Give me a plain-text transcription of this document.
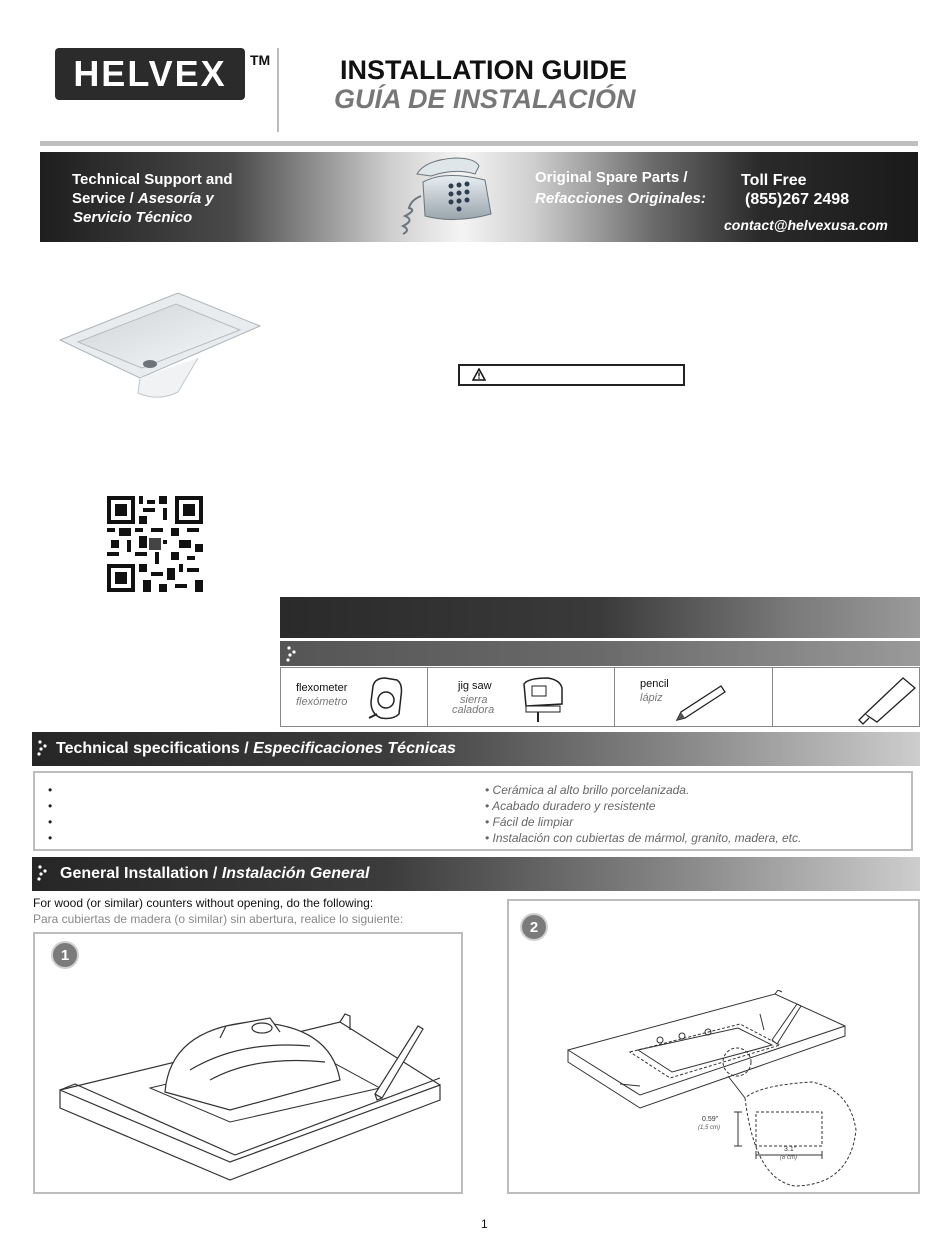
HELVEX TM	INSTALLATION GUIDE
GUÍA DE INSTALACIÓN
Technical Support and
Service / Asesoría y
Servicio Técnico
Original Spare Parts /
Refacciones Originales:
Toll Free
(855)267 2498
contact@helvexusa.com
flexometer
flexómetro
jig saw
sierra
caladora
pencil
lápiz
Technical specifications / Especificaciones Técnicas
•
•
•
•
• Cerámica al alto brillo porcelanizada.
• Acabado duradero y resistente
• Fácil de limpiar
• Instalación con cubiertas de mármol, granito, madera, etc.
General Installation / Instalación General
For wood (or similar) counters without opening, do the following:
Para cubiertas de madera (o similar) sin abertura, realice lo siguiente:
1
2
0.59"
(1,5 cm)
3.1"
(8 cm)
1
